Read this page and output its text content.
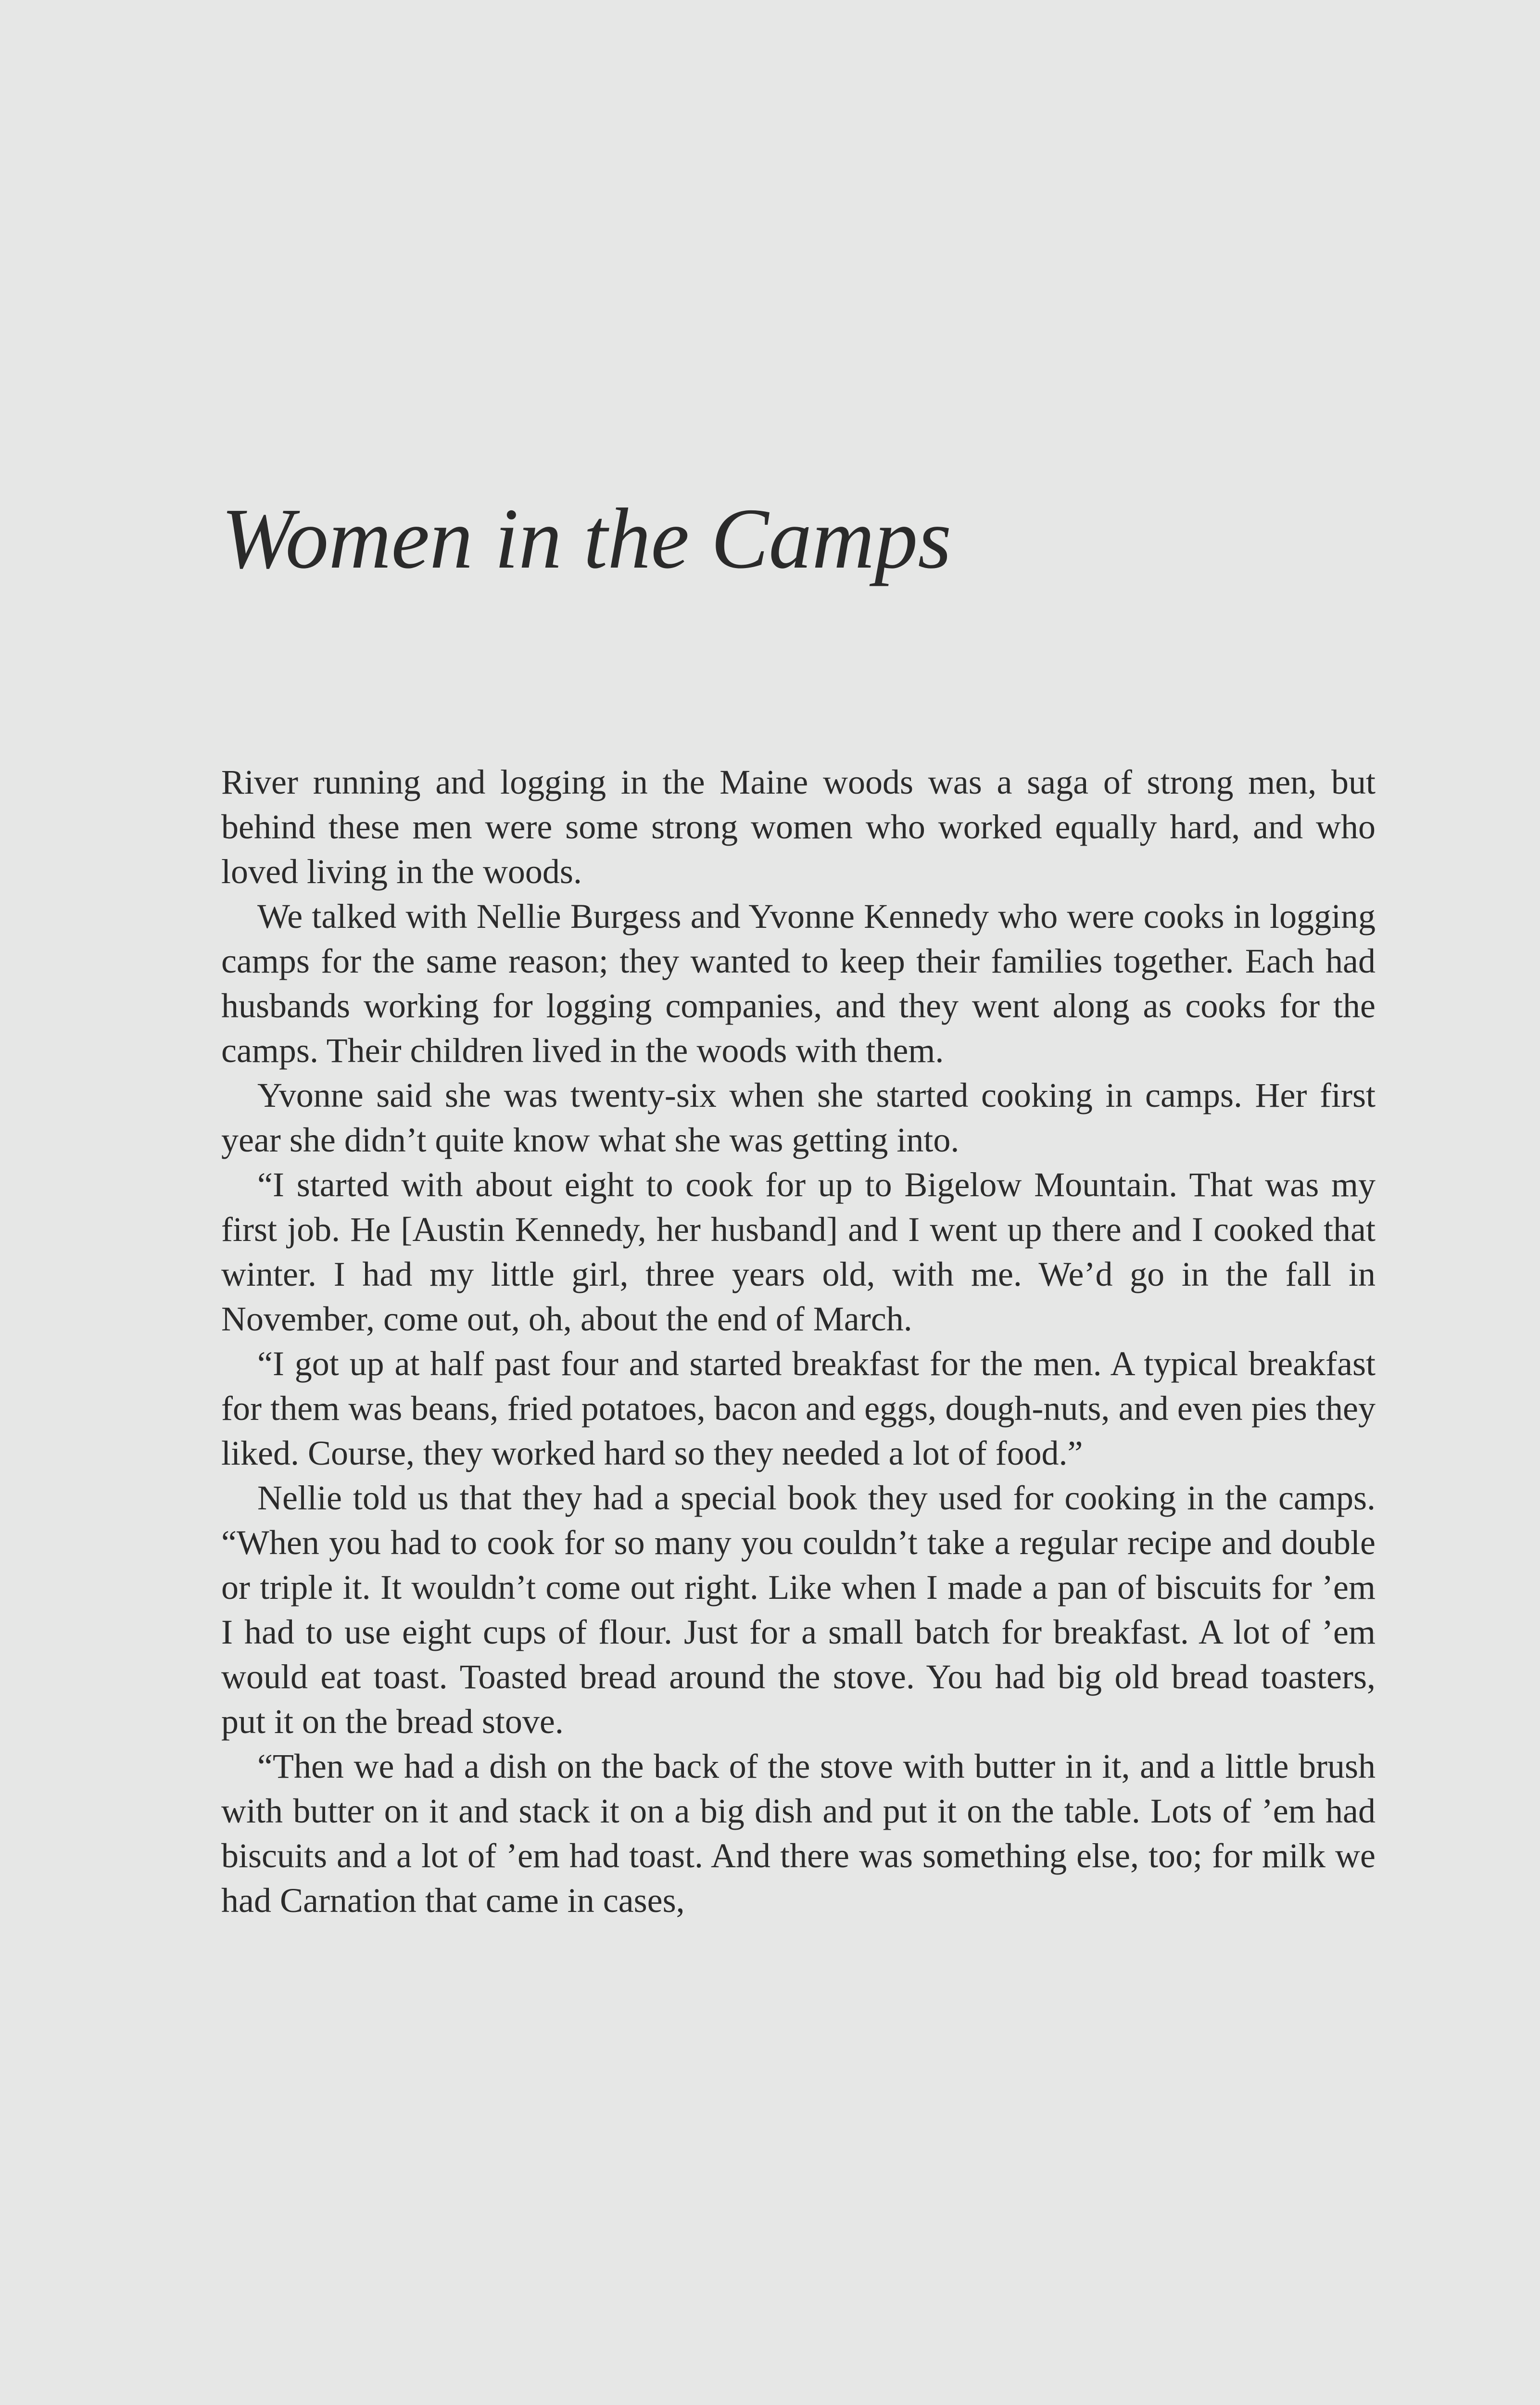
Women in the Camps

River running and logging in the Maine woods was a saga of strong men, but behind these men were some strong women who worked equally hard, and who loved living in the woods.

We talked with Nellie Burgess and Yvonne Kennedy who were cooks in logging camps for the same reason; they wanted to keep their families together. Each had husbands working for logging companies, and they went along as cooks for the camps. Their children lived in the woods with them.

Yvonne said she was twenty-six when she started cooking in camps. Her first year she didn’t quite know what she was getting into.

“I started with about eight to cook for up to Bigelow Mountain. That was my first job. He [Austin Kennedy, her husband] and I went up there and I cooked that winter. I had my little girl, three years old, with me. We’d go in the fall in November, come out, oh, about the end of March.

“I got up at half past four and started breakfast for the men. A typical breakfast for them was beans, fried potatoes, bacon and eggs, dough-nuts, and even pies they liked. Course, they worked hard so they needed a lot of food.”

Nellie told us that they had a special book they used for cooking in the camps. “When you had to cook for so many you couldn’t take a regular recipe and double or triple it. It wouldn’t come out right. Like when I made a pan of biscuits for ’em I had to use eight cups of flour. Just for a small batch for breakfast. A lot of ’em would eat toast. Toasted bread around the stove. You had big old bread toasters, put it on the bread stove.

“Then we had a dish on the back of the stove with butter in it, and a little brush with butter on it and stack it on a big dish and put it on the table. Lots of ’em had biscuits and a lot of ’em had toast. And there was something else, too; for milk we had Carnation that came in cases,
